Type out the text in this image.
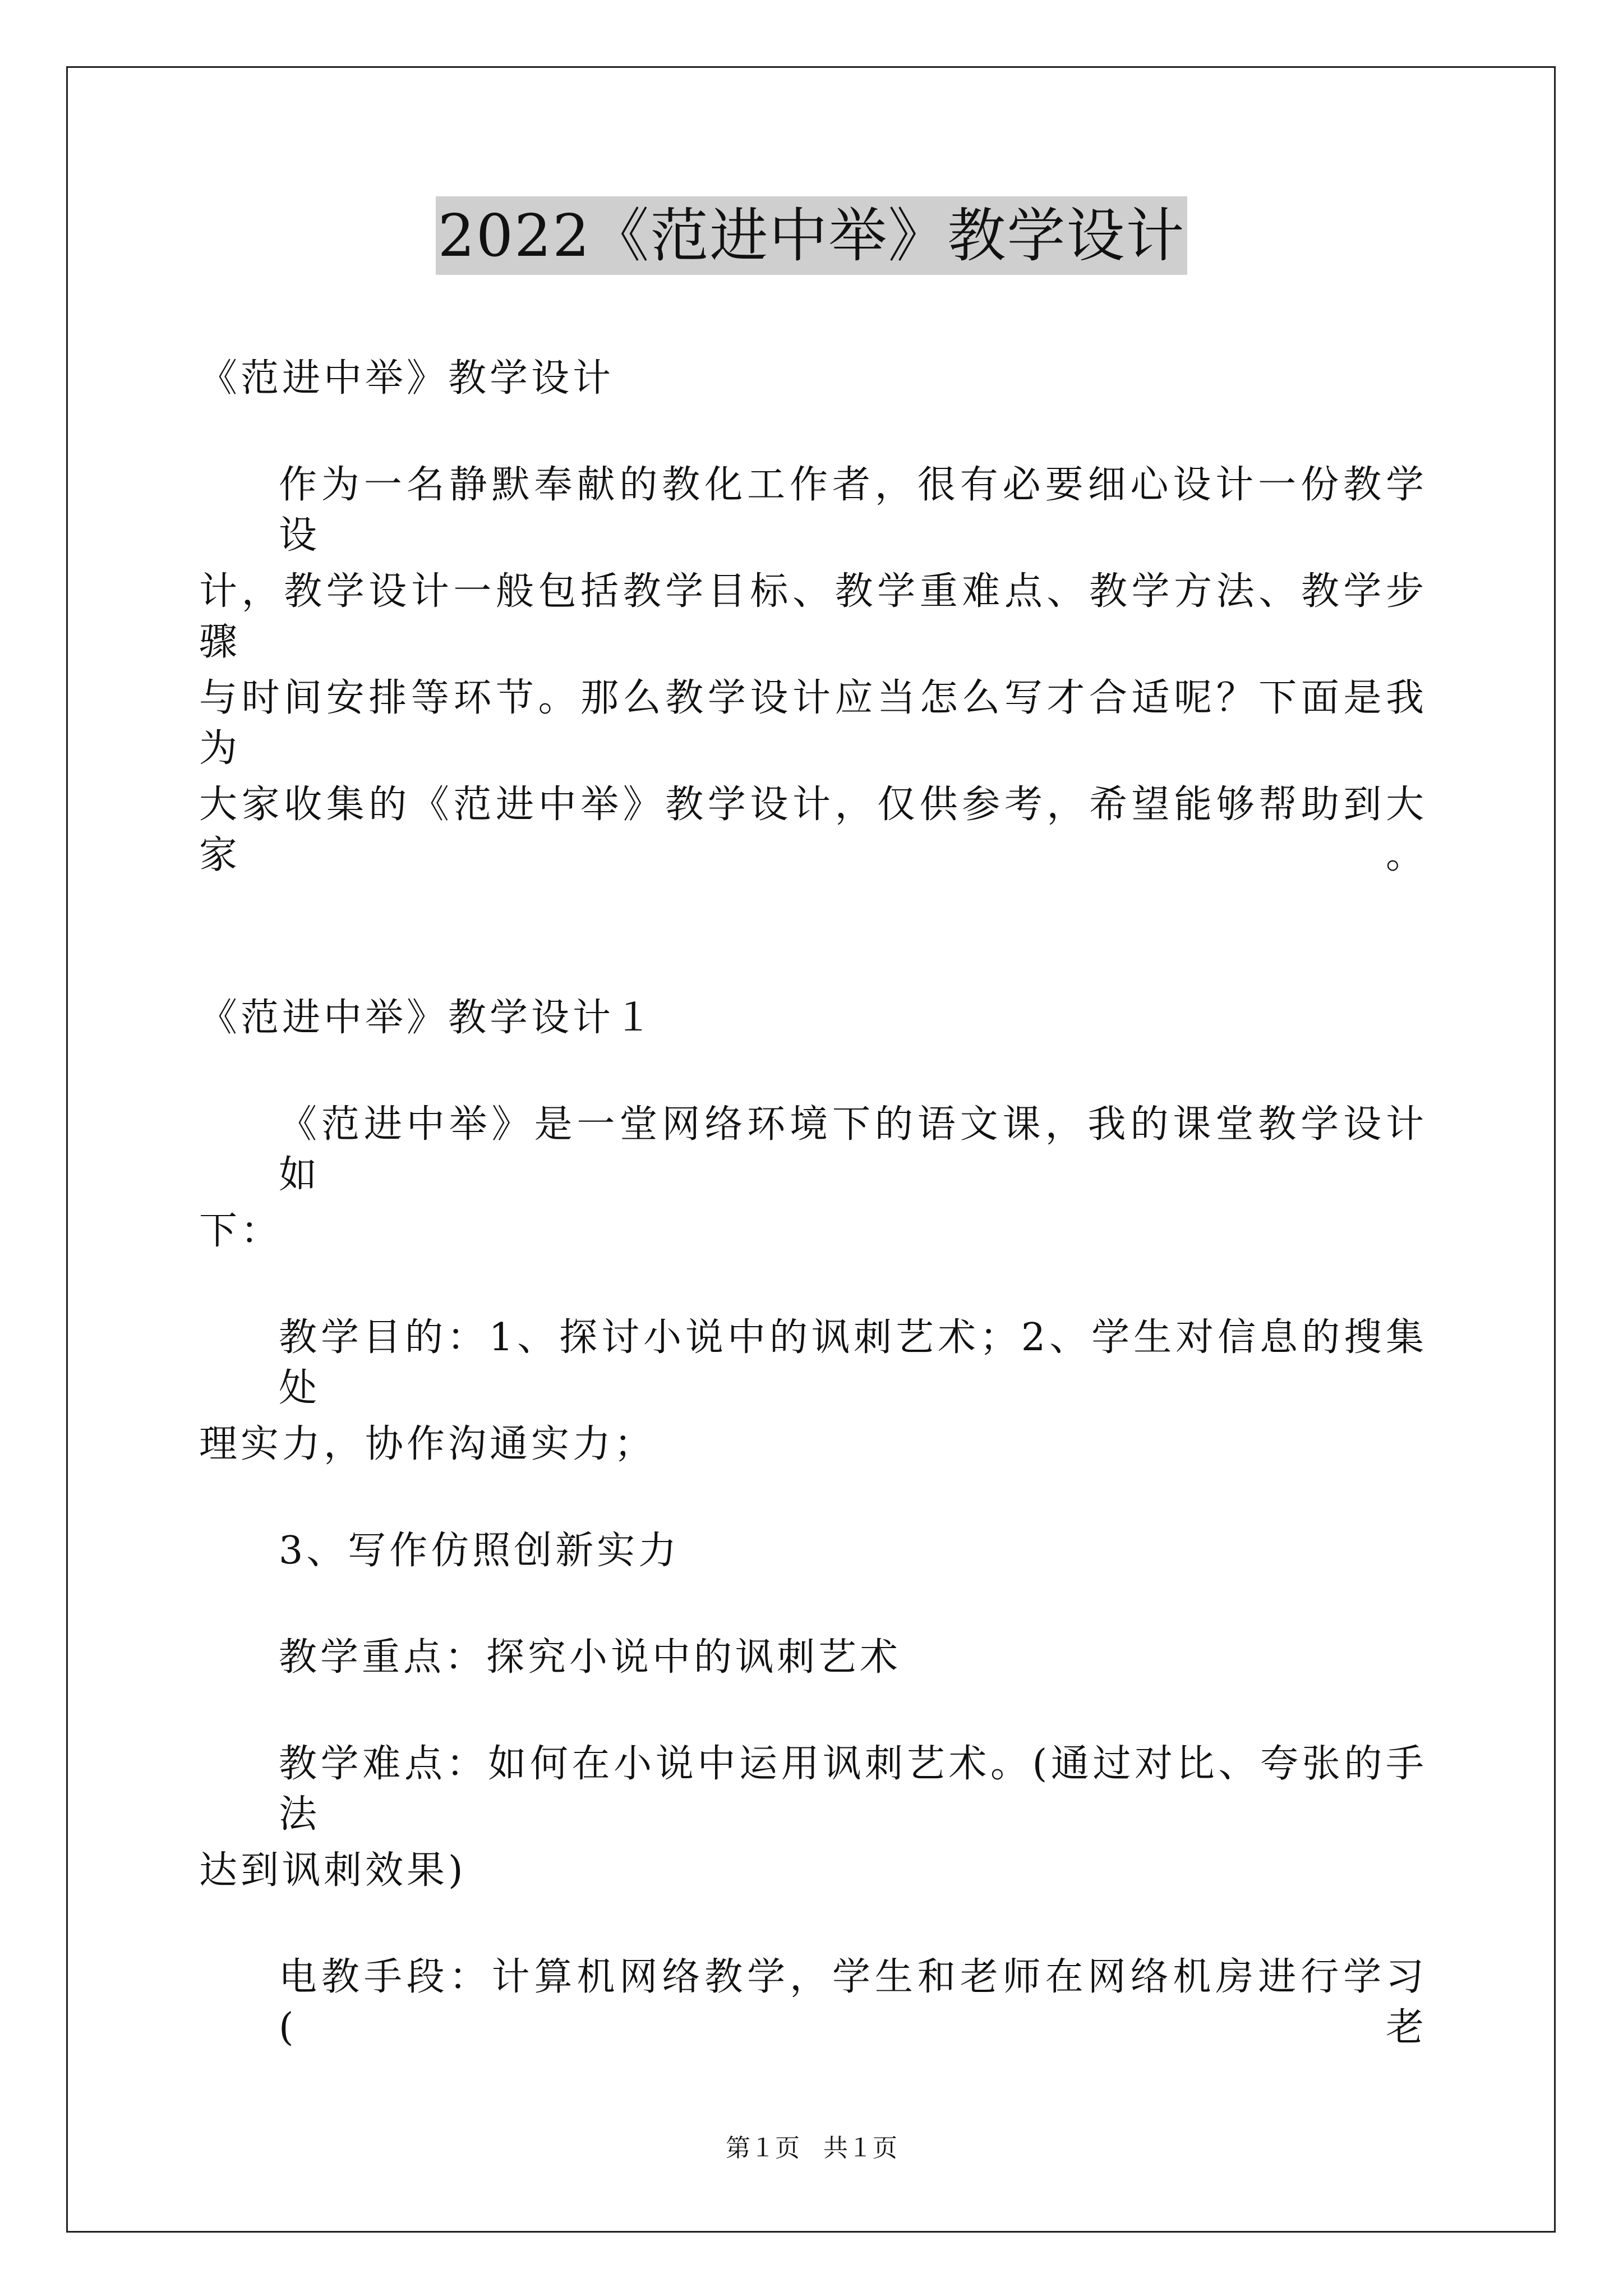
2022《范进中举》教学设计
《范进中举》教学设计
作为一名静默奉献的教化工作者，很有必要细心设计一份教学设
计，教学设计一般包括教学目标、教学重难点、教学方法、教学步骤
与时间安排等环节。那么教学设计应当怎么写才合适呢？下面是我为
大家收集的《范进中举》教学设计，仅供参考，希望能够帮助到大家。
《范进中举》教学设计１
《范进中举》是一堂网络环境下的语文课，我的课堂教学设计如
下：
教学目的：1、探讨小说中的讽刺艺术；2、学生对信息的搜集处
理实力，协作沟通实力；
3、写作仿照创新实力
教学重点：探究小说中的讽刺艺术
教学难点：如何在小说中运用讽刺艺术。(通过对比、夸张的手法
达到讽刺效果)
电教手段：计算机网络教学，学生和老师在网络机房进行学习(老
第１页 共１页
